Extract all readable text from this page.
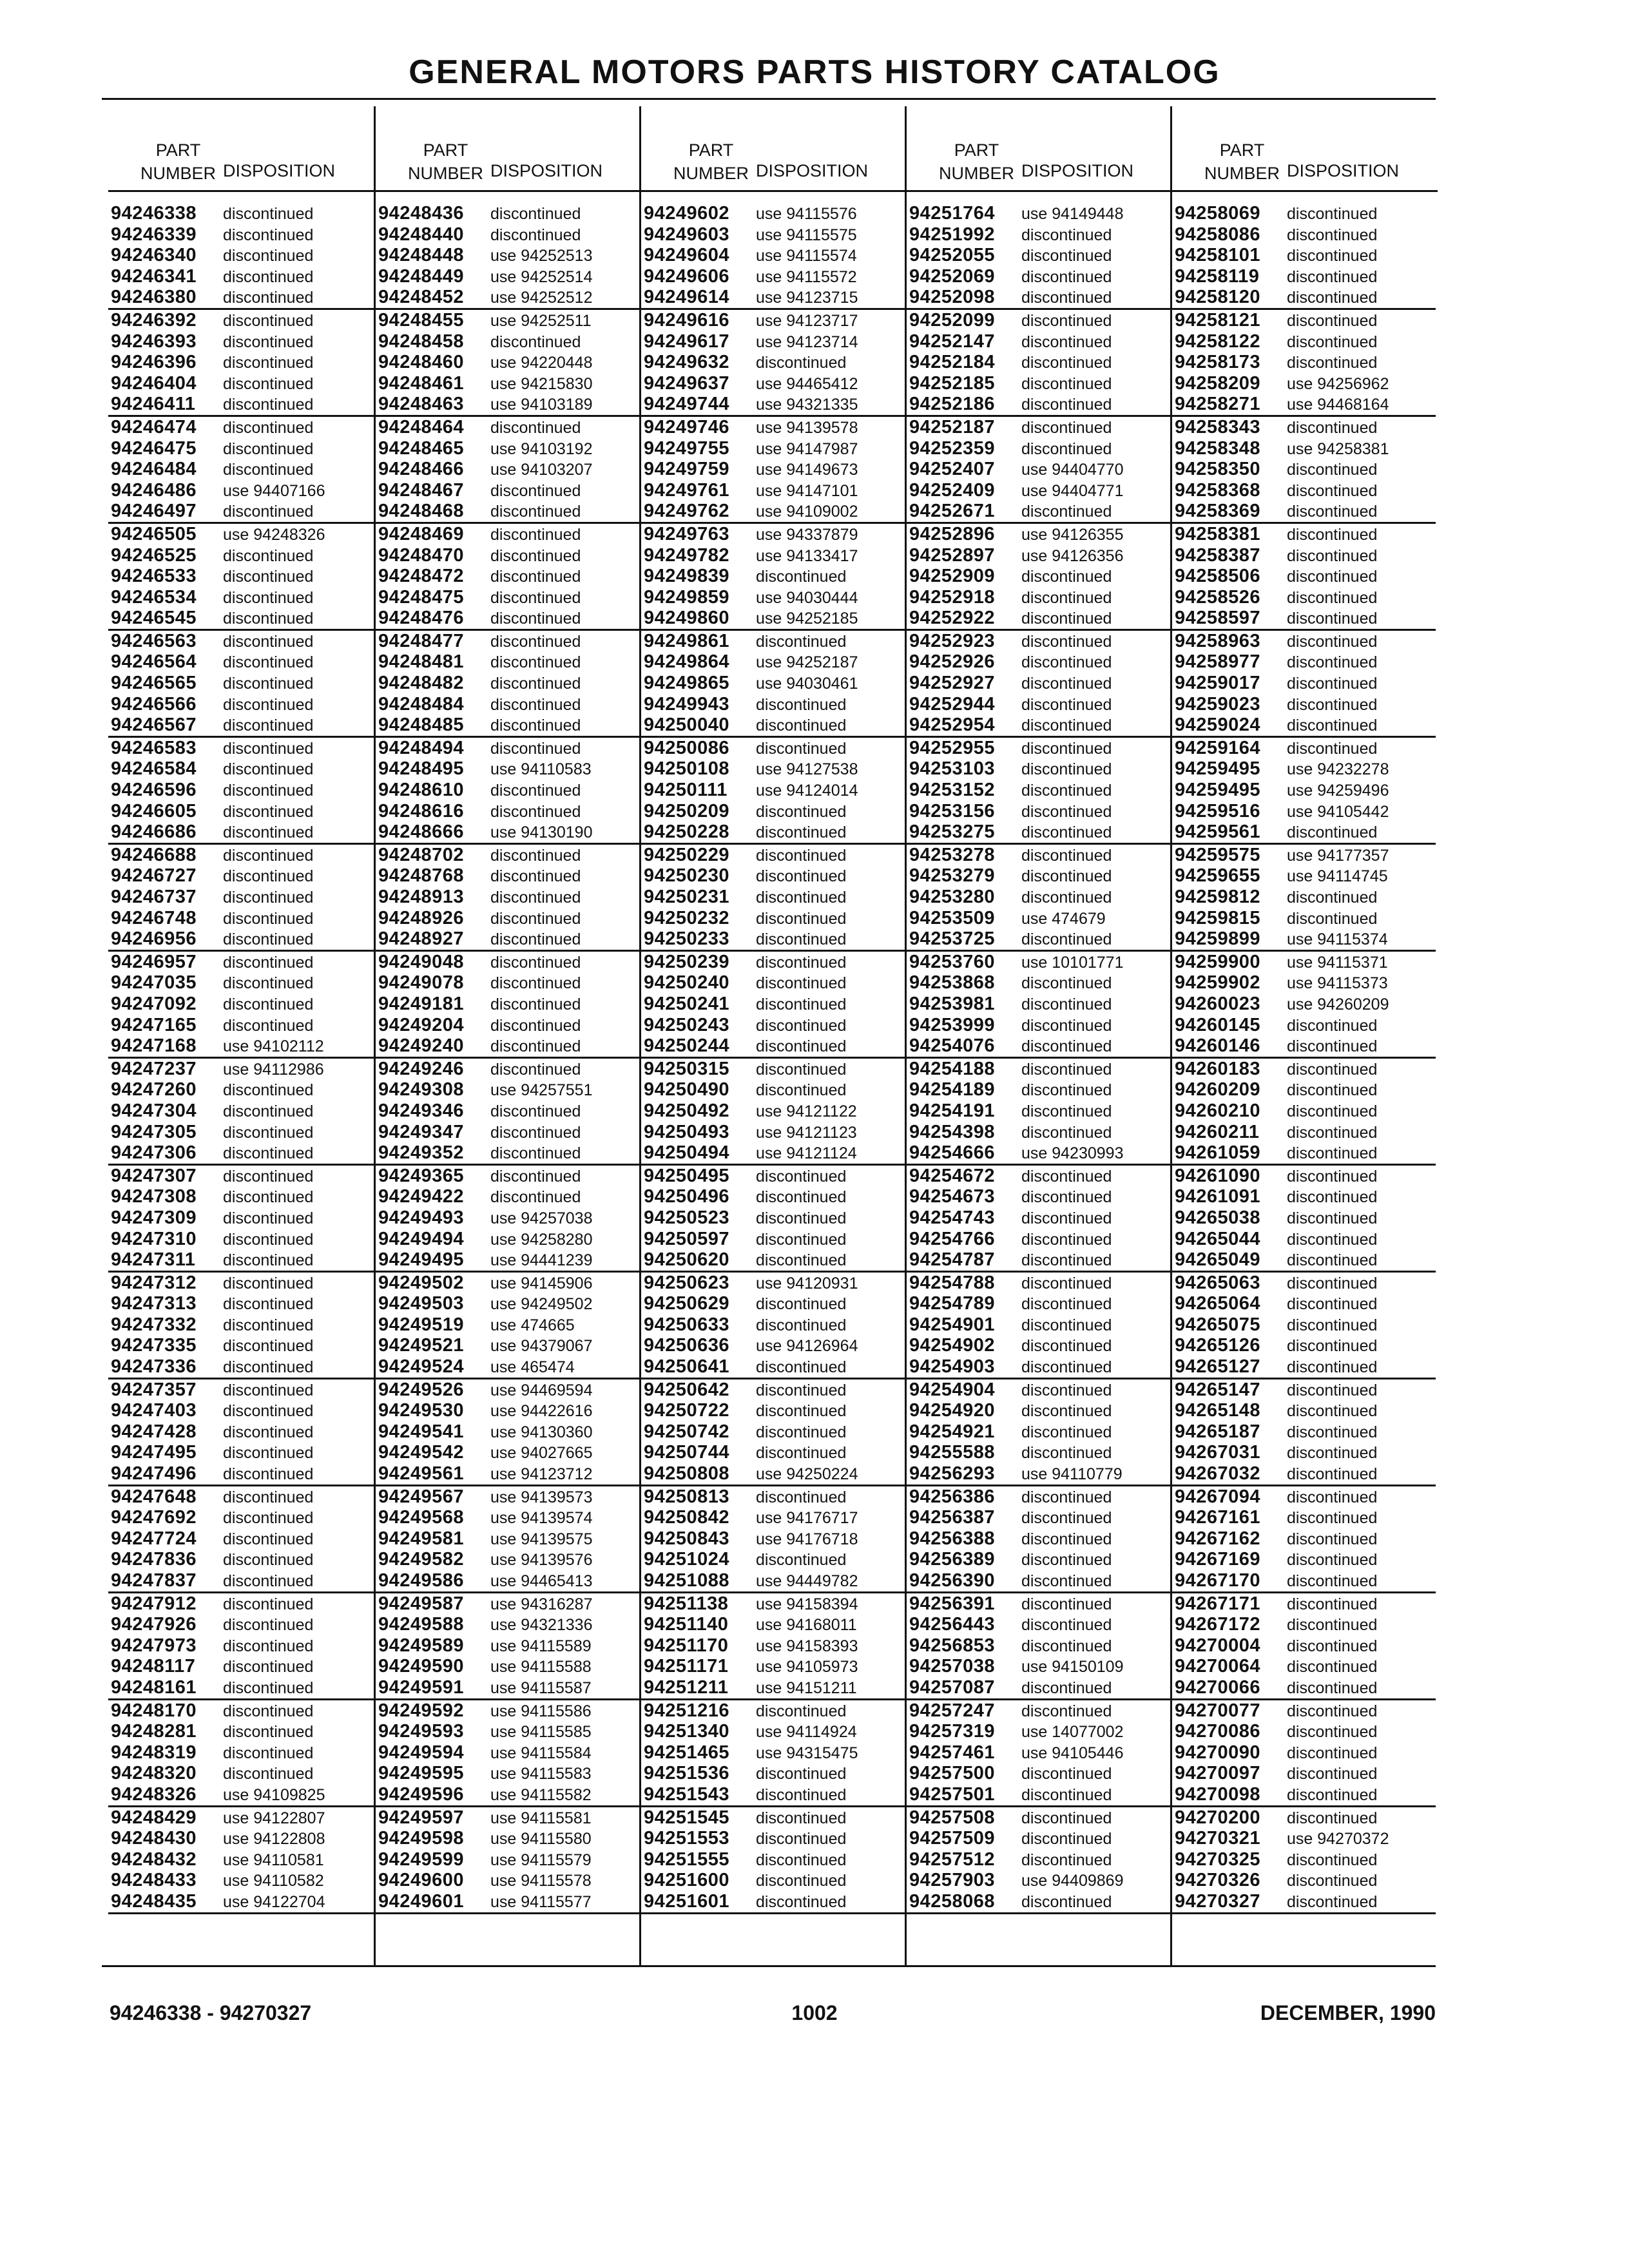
GENERAL MOTORS PARTS HISTORY CATALOG
PART
NUMBER DISPOSITION
94246338	discontinued
94246339	discontinued
94246340	discontinued
94246341	discontinued
94246380	discontinued
94246392	discontinued
94246393	discontinued
94246396	discontinued
94246404	discontinued
94246411	discontinued
94246474	discontinued
94246475	discontinued
94246484	discontinued
94246486	use 94407166
94246497	discontinued
94246505	use 94248326
94246525	discontinued
94246533	discontinued
94246534	discontinued
94246545	discontinued
94246563	discontinued
94246564	discontinued
94246565	discontinued
94246566	discontinued
94246567	discontinued
94246583	discontinued
94246584	discontinued
94246596	discontinued
94246605	discontinued
94246686	discontinued
94246688	discontinued
94246727	discontinued
94246737	discontinued
94246748	discontinued
94246956	discontinued
94246957	discontinued
94247035	discontinued
94247092	discontinued
94247165	discontinued
94247168	use 94102112
94247237	use 94112986
94247260	discontinued
94247304	discontinued
94247305	discontinued
94247306	discontinued
94247307	discontinued
94247308	discontinued
94247309	discontinued
94247310	discontinued
94247311	discontinued
94247312	discontinued
94247313	discontinued
94247332	discontinued
94247335	discontinued
94247336	discontinued
94247357	discontinued
94247403	discontinued
94247428	discontinued
94247495	discontinued
94247496	discontinued
94247648	discontinued
94247692	discontinued
94247724	discontinued
94247836	discontinued
94247837	discontinued
94247912	discontinued
94247926	discontinued
94247973	discontinued
94248117	discontinued
94248161	discontinued
94248170	discontinued
94248281	discontinued
94248319	discontinued
94248320	discontinued
94248326	use 94109825
94248429	use 94122807
94248430	use 94122808
94248432	use 94110581
94248433	use 94110582
94248435	use 94122704
PART
NUMBER DISPOSITION
94248436	discontinued
94248440	discontinued
94248448	use 94252513
94248449	use 94252514
94248452	use 94252512
94248455	use 94252511
94248458	discontinued
94248460	use 94220448
94248461	use 94215830
94248463	use 94103189
94248464	discontinued
94248465	use 94103192
94248466	use 94103207
94248467	discontinued
94248468	discontinued
94248469	discontinued
94248470	discontinued
94248472	discontinued
94248475	discontinued
94248476	discontinued
94248477	discontinued
94248481	discontinued
94248482	discontinued
94248484	discontinued
94248485	discontinued
94248494	discontinued
94248495	use 94110583
94248610	discontinued
94248616	discontinued
94248666	use 94130190
94248702	discontinued
94248768	discontinued
94248913	discontinued
94248926	discontinued
94248927	discontinued
94249048	discontinued
94249078	discontinued
94249181	discontinued
94249204	discontinued
94249240	discontinued
94249246	discontinued
94249308	use 94257551
94249346	discontinued
94249347	discontinued
94249352	discontinued
94249365	discontinued
94249422	discontinued
94249493	use 94257038
94249494	use 94258280
94249495	use 94441239
94249502	use 94145906
94249503	use 94249502
94249519	use 474665
94249521	use 94379067
94249524	use 465474
94249526	use 94469594
94249530	use 94422616
94249541	use 94130360
94249542	use 94027665
94249561	use 94123712
94249567	use 94139573
94249568	use 94139574
94249581	use 94139575
94249582	use 94139576
94249586	use 94465413
94249587	use 94316287
94249588	use 94321336
94249589	use 94115589
94249590	use 94115588
94249591	use 94115587
94249592	use 94115586
94249593	use 94115585
94249594	use 94115584
94249595	use 94115583
94249596	use 94115582
94249597	use 94115581
94249598	use 94115580
94249599	use 94115579
94249600	use 94115578
94249601	use 94115577
PART
NUMBER DISPOSITION
94249602	use 94115576
94249603	use 94115575
94249604	use 94115574
94249606	use 94115572
94249614	use 94123715
94249616	use 94123717
94249617	use 94123714
94249632	discontinued
94249637	use 94465412
94249744	use 94321335
94249746	use 94139578
94249755	use 94147987
94249759	use 94149673
94249761	use 94147101
94249762	use 94109002
94249763	use 94337879
94249782	use 94133417
94249839	discontinued
94249859	use 94030444
94249860	use 94252185
94249861	discontinued
94249864	use 94252187
94249865	use 94030461
94249943	discontinued
94250040	discontinued
94250086	discontinued
94250108	use 94127538
94250111	use 94124014
94250209	discontinued
94250228	discontinued
94250229	discontinued
94250230	discontinued
94250231	discontinued
94250232	discontinued
94250233	discontinued
94250239	discontinued
94250240	discontinued
94250241	discontinued
94250243	discontinued
94250244	discontinued
94250315	discontinued
94250490	discontinued
94250492	use 94121122
94250493	use 94121123
94250494	use 94121124
94250495	discontinued
94250496	discontinued
94250523	discontinued
94250597	discontinued
94250620	discontinued
94250623	use 94120931
94250629	discontinued
94250633	discontinued
94250636	use 94126964
94250641	discontinued
94250642	discontinued
94250722	discontinued
94250742	discontinued
94250744	discontinued
94250808	use 94250224
94250813	discontinued
94250842	use 94176717
94250843	use 94176718
94251024	discontinued
94251088	use 94449782
94251138	use 94158394
94251140	use 94168011
94251170	use 94158393
94251171	use 94105973
94251211	use 94151211
94251216	discontinued
94251340	use 94114924
94251465	use 94315475
94251536	discontinued
94251543	discontinued
94251545	discontinued
94251553	discontinued
94251555	discontinued
94251600	discontinued
94251601	discontinued
PART
NUMBER DISPOSITION
94251764	use 94149448
94251992	discontinued
94252055	discontinued
94252069	discontinued
94252098	discontinued
94252099	discontinued
94252147	discontinued
94252184	discontinued
94252185	discontinued
94252186	discontinued
94252187	discontinued
94252359	discontinued
94252407	use 94404770
94252409	use 94404771
94252671	discontinued
94252896	use 94126355
94252897	use 94126356
94252909	discontinued
94252918	discontinued
94252922	discontinued
94252923	discontinued
94252926	discontinued
94252927	discontinued
94252944	discontinued
94252954	discontinued
94252955	discontinued
94253103	discontinued
94253152	discontinued
94253156	discontinued
94253275	discontinued
94253278	discontinued
94253279	discontinued
94253280	discontinued
94253509	use 474679
94253725	discontinued
94253760	use 10101771
94253868	discontinued
94253981	discontinued
94253999	discontinued
94254076	discontinued
94254188	discontinued
94254189	discontinued
94254191	discontinued
94254398	discontinued
94254666	use 94230993
94254672	discontinued
94254673	discontinued
94254743	discontinued
94254766	discontinued
94254787	discontinued
94254788	discontinued
94254789	discontinued
94254901	discontinued
94254902	discontinued
94254903	discontinued
94254904	discontinued
94254920	discontinued
94254921	discontinued
94255588	discontinued
94256293	use 94110779
94256386	discontinued
94256387	discontinued
94256388	discontinued
94256389	discontinued
94256390	discontinued
94256391	discontinued
94256443	discontinued
94256853	discontinued
94257038	use 94150109
94257087	discontinued
94257247	discontinued
94257319	use 14077002
94257461	use 94105446
94257500	discontinued
94257501	discontinued
94257508	discontinued
94257509	discontinued
94257512	discontinued
94257903	use 94409869
94258068	discontinued
PART
NUMBER DISPOSITION
94258069	discontinued
94258086	discontinued
94258101	discontinued
94258119	discontinued
94258120	discontinued
94258121	discontinued
94258122	discontinued
94258173	discontinued
94258209	use 94256962
94258271	use 94468164
94258343	discontinued
94258348	use 94258381
94258350	discontinued
94258368	discontinued
94258369	discontinued
94258381	discontinued
94258387	discontinued
94258506	discontinued
94258526	discontinued
94258597	discontinued
94258963	discontinued
94258977	discontinued
94259017	discontinued
94259023	discontinued
94259024	discontinued
94259164	discontinued
94259495	use 94232278
94259495	use 94259496
94259516	use 94105442
94259561	discontinued
94259575	use 94177357
94259655	use 94114745
94259812	discontinued
94259815	discontinued
94259899	use 94115374
94259900	use 94115371
94259902	use 94115373
94260023	use 94260209
94260145	discontinued
94260146	discontinued
94260183	discontinued
94260209	discontinued
94260210	discontinued
94260211	discontinued
94261059	discontinued
94261090	discontinued
94261091	discontinued
94265038	discontinued
94265044	discontinued
94265049	discontinued
94265063	discontinued
94265064	discontinued
94265075	discontinued
94265126	discontinued
94265127	discontinued
94265147	discontinued
94265148	discontinued
94265187	discontinued
94267031	discontinued
94267032	discontinued
94267094	discontinued
94267161	discontinued
94267162	discontinued
94267169	discontinued
94267170	discontinued
94267171	discontinued
94267172	discontinued
94270004	discontinued
94270064	discontinued
94270066	discontinued
94270077	discontinued
94270086	discontinued
94270090	discontinued
94270097	discontinued
94270098	discontinued
94270200	discontinued
94270321	use 94270372
94270325	discontinued
94270326	discontinued
94270327	discontinued
94246338 - 94270327	1002	DECEMBER, 1990
